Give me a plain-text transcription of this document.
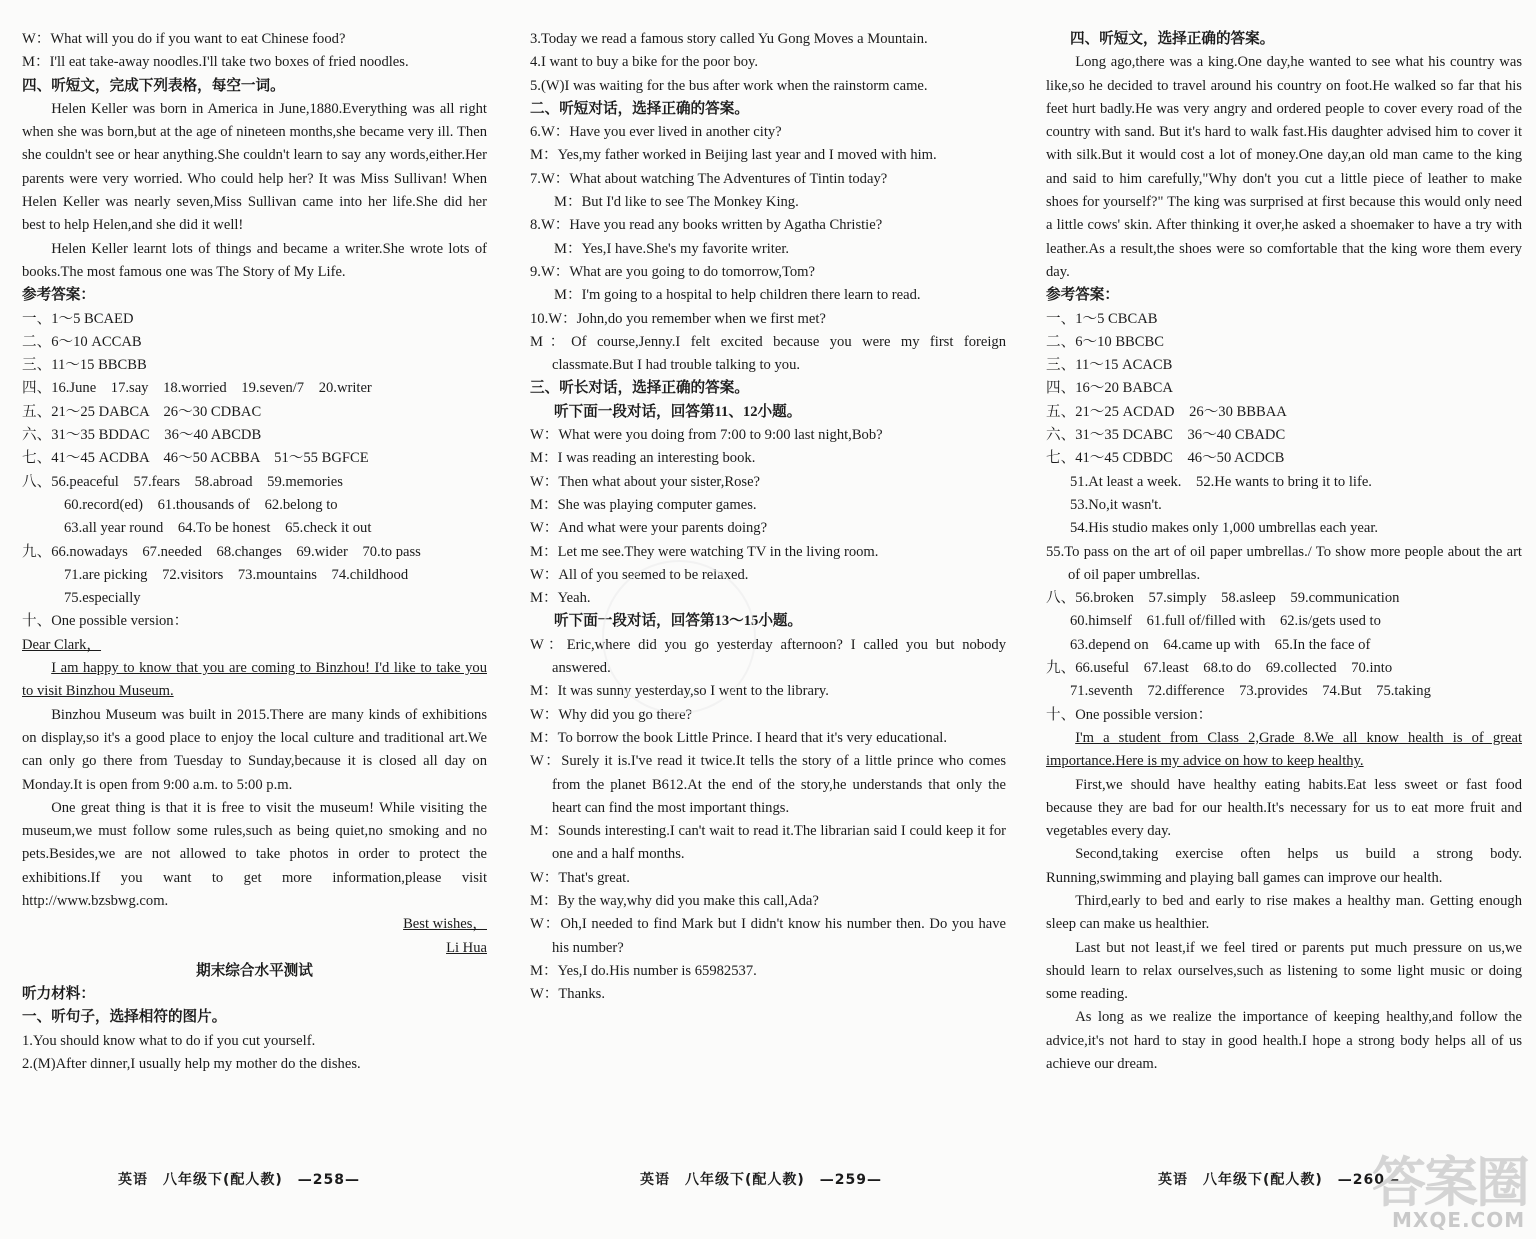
W：What will you do if you want to eat Chinese food?

M：I'll eat take-away noodles.I'll take two boxes of fried noodles.

四、听短文，完成下列表格，每空一词。

Helen Keller was born in America in June,1880.Everything was all right when she was born,but at the age of nineteen months,she became very ill. Then she couldn't see or hear anything.She couldn't learn to say any words,either.Her parents were very worried. Who could help her? It was Miss Sullivan! When Helen Keller was nearly seven,Miss Sullivan came into her life.She did her best to help Helen,and she did it well!

Helen Keller learnt lots of things and became a writer.She wrote lots of books.The most famous one was The Story of My Life.

参考答案：

一、1～5 BCAED

二、6～10 ACCAB

三、11～15 BBCBB

四、16.June　17.say　18.worried　19.seven/7　20.writer

五、21～25 DABCA　26～30 CDBAC

六、31～35 BDDAC　36～40 ABCDB

七、41～45 ACDBA　46～50 ACBBA　51～55 BGFCE

八、56.peaceful　57.fears　58.abroad　59.memories

60.record(ed)　61.thousands of　62.belong to

63.all year round　64.To be honest　65.check it out

九、66.nowadays　67.needed　68.changes　69.wider　70.to pass

71.are picking　72.visitors　73.mountains　74.childhood

75.especially

十、One possible version：

Dear Clark，

I am happy to know that you are coming to Binzhou! I'd like to take you to visit Binzhou Museum.

Binzhou Museum was built in 2015.There are many kinds of exhibitions on display,so it's a good place to enjoy the local culture and traditional art.We can only go there from Tuesday to Sunday,because it is closed all day on Monday.It is open from 9:00 a.m. to 5:00 p.m.

One great thing is that it is free to visit the museum! While visiting the museum,we must follow some rules,such as being quiet,no smoking and no pets.Besides,we are not allowed to take photos in order to protect the exhibitions.If you want to get more information,please visit http://www.bzsbwg.com.

Best wishes，

Li Hua

期末综合水平测试

听力材料：

一、听句子，选择相符的图片。

1.You should know what to do if you cut yourself.

2.(M)After dinner,I usually help my mother do the dishes.

3.Today we read a famous story called Yu Gong Moves a Mountain.

4.I want to buy a bike for the poor boy.

5.(W)I was waiting for the bus after work when the rainstorm came.

二、听短对话，选择正确的答案。

6.W：Have you ever lived in another city?

M：Yes,my father worked in Beijing last year and I moved with him.

7.W：What about watching The Adventures of Tintin today?

M：But I'd like to see The Monkey King.

8.W：Have you read any books written by Agatha Christie?

M：Yes,I have.She's my favorite writer.

9.W：What are you going to do tomorrow,Tom?

M：I'm going to a hospital to help children there learn to read.

10.W：John,do you remember when we first met?

M：Of course,Jenny.I felt excited because you were my first foreign classmate.But I had trouble talking to you.

三、听长对话，选择正确的答案。

听下面一段对话，回答第11、12小题。

W：What were you doing from 7:00 to 9:00 last night,Bob?

M：I was reading an interesting book.

W：Then what about your sister,Rose?

M：She was playing computer games.

W：And what were your parents doing?

M：Let me see.They were watching TV in the living room.

W：All of you seemed to be relaxed.

M：Yeah.

听下面一段对话，回答第13～15小题。

W：Eric,where did you go yesterday afternoon? I called you but nobody answered.

M：It was sunny yesterday,so I went to the library.

W：Why did you go there?

M：To borrow the book Little Prince. I heard that it's very educational.

W：Surely it is.I've read it twice.It tells the story of a little prince who comes from the planet B612.At the end of the story,he understands that only the heart can find the most important things.

M：Sounds interesting.I can't wait to read it.The librarian said I could keep it for one and a half months.

W：That's great.

M：By the way,why did you make this call,Ada?

W：Oh,I needed to find Mark but I didn't know his number then. Do you have his number?

M：Yes,I do.His number is 65982537.

W：Thanks.

四、听短文，选择正确的答案。

Long ago,there was a king.One day,he wanted to see what his country was like,so he decided to travel around his country on foot.He walked so far that his feet hurt badly.He was very angry and ordered people to cover every road of the country with sand. But it's hard to walk fast.His daughter advised him to cover it with silk.But it would cost a lot of money.One day,an old man came to the king and said to him carefully,"Why don't you cut a little piece of leather to make shoes for yourself?" The king was surprised at first because this would only need a little cows' skin. After thinking it over,he asked a shoemaker to have a try with leather.As a result,the shoes were so comfortable that the king wore them every day.

参考答案：

一、1～5 CBCAB

二、6～10 BBCBC

三、11～15 ACACB

四、16～20 BABCA

五、21～25 ACDAD　26～30 BBBAA

六、31～35 DCABC　36～40 CBADC

七、41～45 CDBDC　46～50 ACDCB

51.At least a week.　52.He wants to bring it to life.

53.No,it wasn't.

54.His studio makes only 1,000 umbrellas each year.

55.To pass on the art of oil paper umbrellas./ To show more people about the art of oil paper umbrellas.

八、56.broken　57.simply　58.asleep　59.communication

60.himself　61.full of/filled with　62.is/gets used to

63.depend on　64.came up with　65.In the face of

九、66.useful　67.least　68.to do　69.collected　70.into

71.seventh　72.difference　73.provides　74.But　75.taking

十、One possible version：

I'm a student from Class 2,Grade 8.We all know health is of great importance.Here is my advice on how to keep healthy.

First,we should have healthy eating habits.Eat less sweet or fast food because they are bad for our health.It's necessary for us to eat more fruit and vegetables every day.

Second,taking exercise often helps us build a strong body. Running,swimming and playing ball games can improve our health.

Third,early to bed and early to rise makes a healthy man. Getting enough sleep can make us healthier.

Last but not least,if we feel tired or parents put much pressure on us,we should learn to relax ourselves,such as listening to some light music or doing some reading.

As long as we realize the importance of keeping healthy,and follow the advice,it's not hard to stay in good health.I hope a strong body helps all of us achieve our dream.

英语　八年级下(配人教)　—258—	英语　八年级下(配人教)　—259—	英语　八年级下(配人教)　—260—
答案圈
MXQE.COM
